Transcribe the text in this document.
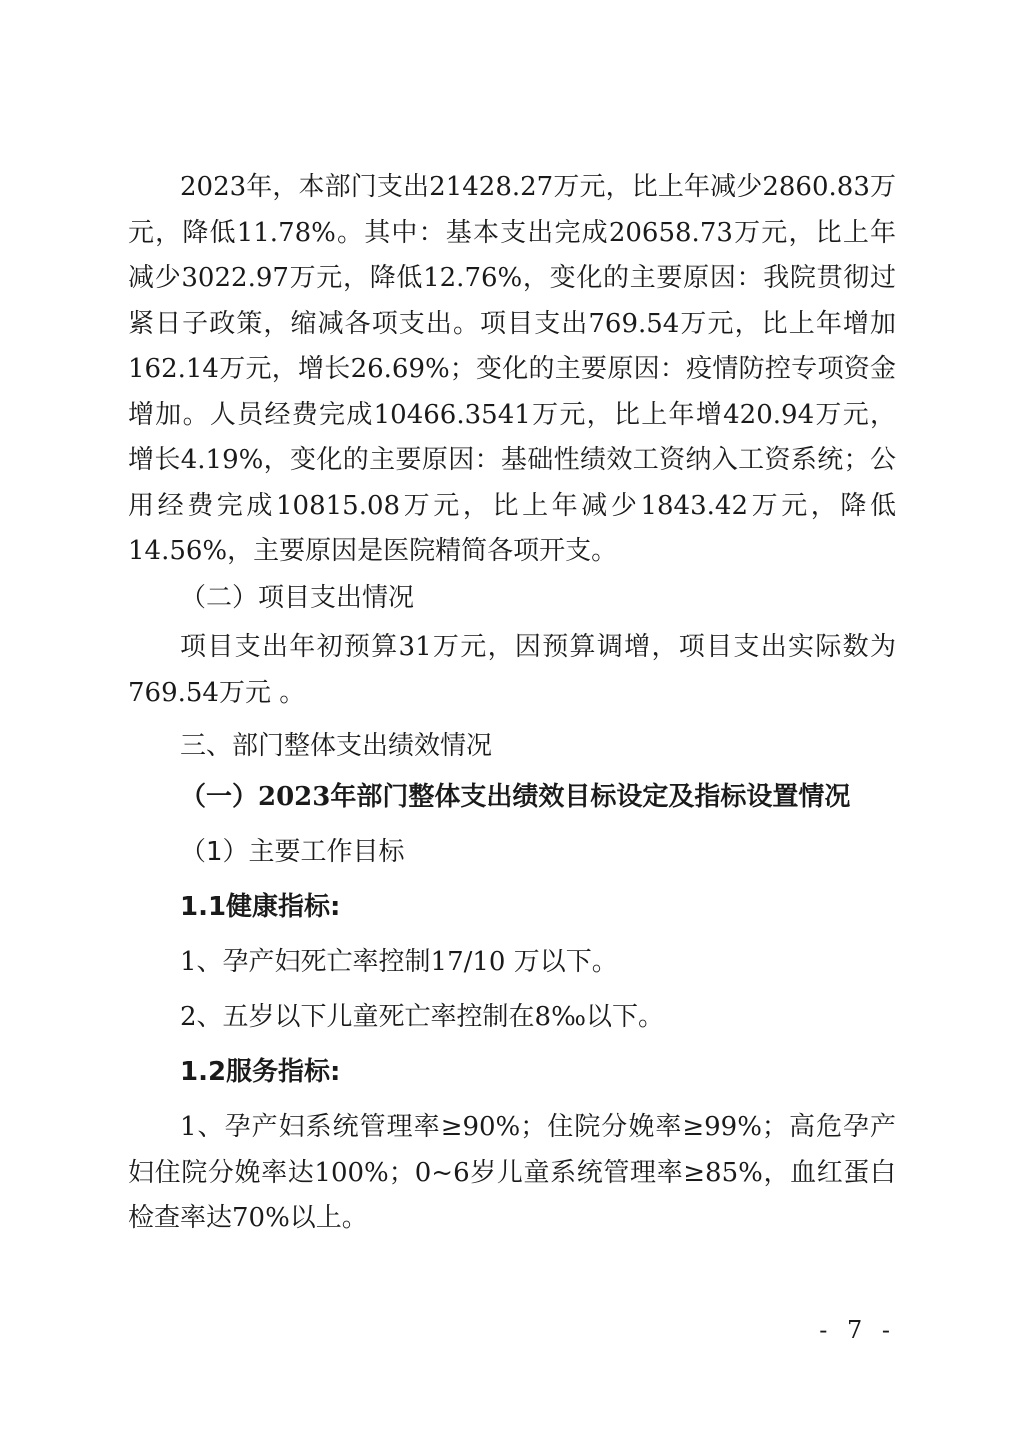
2023年，本部门支出21428.27万元，比上年减少2860.83万元，降低11.78%。其中：基本支出完成20658.73万元，比上年减少3022.97万元，降低12.76%，变化的主要原因：我院贯彻过紧日子政策，缩减各项支出。项目支出769.54万元，比上年增加162.14万元，增长26.69%；变化的主要原因：疫情防控专项资金增加。人员经费完成10466.3541万元，比上年增420.94万元，增长4.19%，变化的主要原因：基础性绩效工资纳入工资系统；公用经费完成10815.08万元，比上年减少1843.42万元，降低14.56%，主要原因是医院精简各项开支。

（二）项目支出情况

项目支出年初预算31万元，因预算调增，项目支出实际数为769.54万元 。

三、部门整体支出绩效情况

（一）2023年部门整体支出绩效目标设定及指标设置情况

（1）主要工作目标

1.1健康指标:

1、孕产妇死亡率控制17/10 万以下。

2、五岁以下儿童死亡率控制在8‰以下。

1.2服务指标:

1、孕产妇系统管理率≥90%；住院分娩率≥99%；高危孕产妇住院分娩率达100%；0~6岁儿童系统管理率≥85%，血红蛋白检查率达70%以上。

- 7 -
